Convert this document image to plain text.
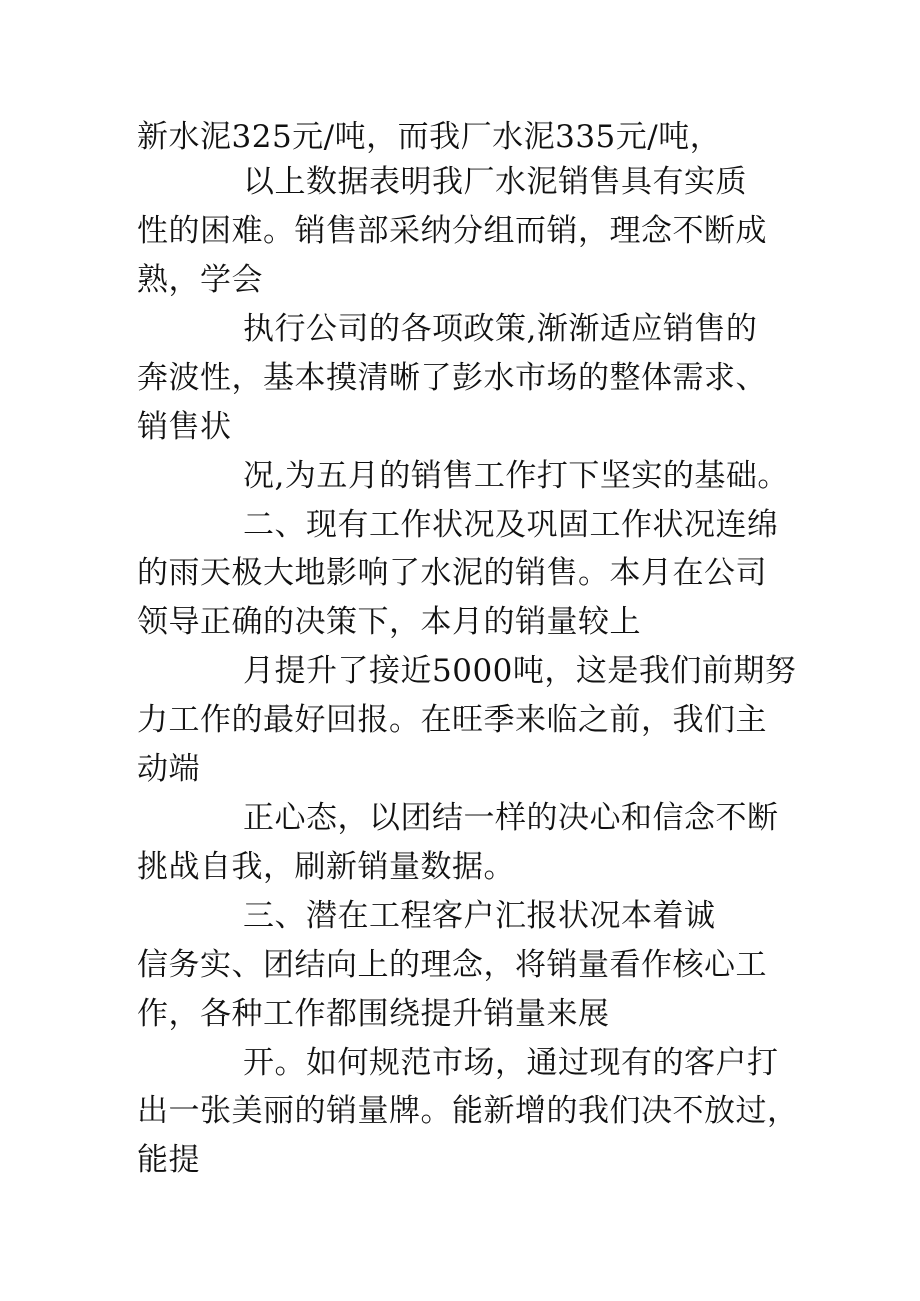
新水泥325元/吨，而我厂水泥335元/吨，
以上数据表明我厂水泥销售具有实质
性的困难。销售部采纳分组而销，理念不断成
熟，学会
执行公司的各项政策,渐渐适应销售的
奔波性，基本摸清晰了彭水市场的整体需求、
销售状
况,为五月的销售工作打下坚实的基础。
二、现有工作状况及巩固工作状况连绵
的雨天极大地影响了水泥的销售。本月在公司
领导正确的决策下，本月的销量较上
月提升了接近5000吨，这是我们前期努
力工作的最好回报。在旺季来临之前，我们主
动端
正心态，以团结一样的决心和信念不断
挑战自我，刷新销量数据。
三、潜在工程客户汇报状况本着诚
信务实、团结向上的理念，将销量看作核心工
作，各种工作都围绕提升销量来展
开。如何规范市场，通过现有的客户打
出一张美丽的销量牌。能新增的我们决不放过，
能提
